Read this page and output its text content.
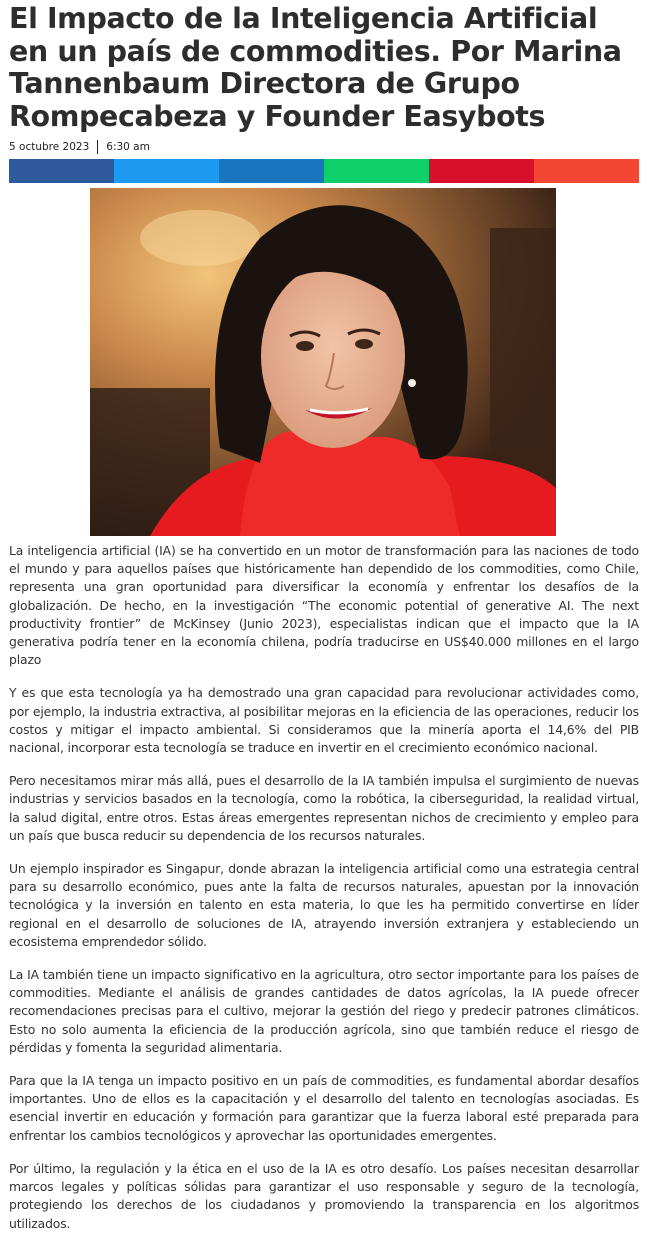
El Impacto de la Inteligencia Artificial en un país de commodities. Por Marina Tannenbaum Directora de Grupo Rompecabeza y Founder Easybots
5 octubre 2023 6:30 am

La inteligencia artificial (IA) se ha convertido en un motor de transformación para las naciones de todo el mundo y para aquellos países que históricamente han dependido de los commodities, como Chile, representa una gran oportunidad para diversificar la economía y enfrentar los desafíos de la globalización. De hecho, en la investigación “The economic potential of generative AI. The next productivity frontier” de McKinsey (Junio 2023), especialistas indican que el impacto que la IA generativa podría tener en la economía chilena, podría traducirse en US$40.000 millones en el largo plazo

Y es que esta tecnología ya ha demostrado una gran capacidad para revolucionar actividades como, por ejemplo, la industria extractiva, al posibilitar mejoras en la eficiencia de las operaciones, reducir los costos y mitigar el impacto ambiental. Si consideramos que la minería aporta el 14,6% del PIB nacional, incorporar esta tecnología se traduce en invertir en el crecimiento económico nacional.

Pero necesitamos mirar más allá, pues el desarrollo de la IA también impulsa el surgimiento de nuevas industrias y servicios basados en la tecnología, como la robótica, la ciberseguridad, la realidad virtual, la salud digital, entre otros. Estas áreas emergentes representan nichos de crecimiento y empleo para un país que busca reducir su dependencia de los recursos naturales.

Un ejemplo inspirador es Singapur, donde abrazan la inteligencia artificial como una estrategia central para su desarrollo económico, pues ante la falta de recursos naturales, apuestan por la innovación tecnológica y la inversión en talento en esta materia, lo que les ha permitido convertirse en líder regional en el desarrollo de soluciones de IA, atrayendo inversión extranjera y estableciendo un ecosistema emprendedor sólido.

La IA también tiene un impacto significativo en la agricultura, otro sector importante para los países de commodities. Mediante el análisis de grandes cantidades de datos agrícolas, la IA puede ofrecer recomendaciones precisas para el cultivo, mejorar la gestión del riego y predecir patrones climáticos. Esto no solo aumenta la eficiencia de la producción agrícola, sino que también reduce el riesgo de pérdidas y fomenta la seguridad alimentaria.

Para que la IA tenga un impacto positivo en un país de commodities, es fundamental abordar desafíos importantes. Uno de ellos es la capacitación y el desarrollo del talento en tecnologías asociadas. Es esencial invertir en educación y formación para garantizar que la fuerza laboral esté preparada para enfrentar los cambios tecnológicos y aprovechar las oportunidades emergentes.

Por último, la regulación y la ética en el uso de la IA es otro desafío. Los países necesitan desarrollar marcos legales y políticas sólidas para garantizar el uso responsable y seguro de la tecnología, protegiendo los derechos de los ciudadanos y promoviendo la transparencia en los algoritmos utilizados.
